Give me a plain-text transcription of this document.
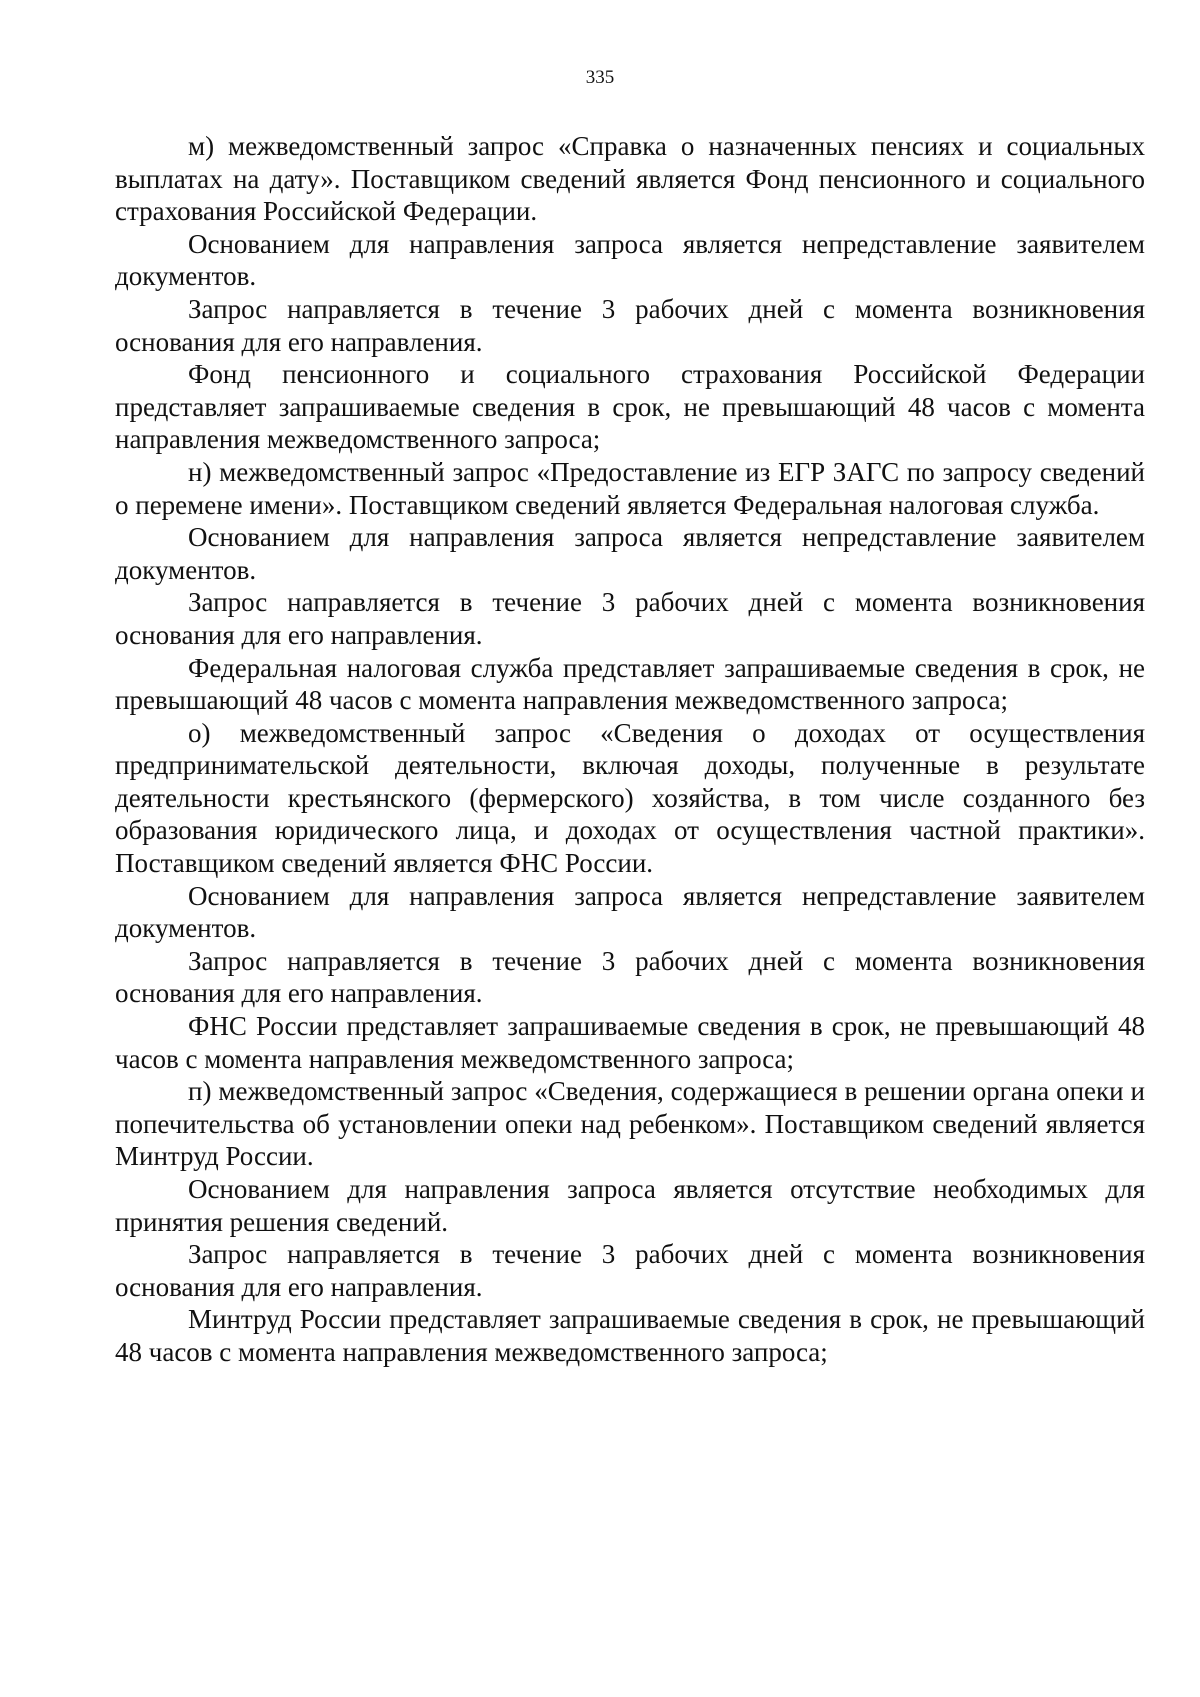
335

м) межведомственный запрос «Справка о назначенных пенсиях и социальных выплатах на дату». Поставщиком сведений является Фонд пенсионного и социального страхования Российской Федерации.

Основанием для направления запроса является непредставление заявителем документов.

Запрос направляется в течение 3 рабочих дней с момента возникновения основания для его направления.

Фонд пенсионного и социального страхования Российской Федерации представляет запрашиваемые сведения в срок, не превышающий 48 часов с момента направления межведомственного запроса;

н) межведомственный запрос «Предоставление из ЕГР ЗАГС по запросу сведений о перемене имени». Поставщиком сведений является Федеральная налоговая служба.

Основанием для направления запроса является непредставление заявителем документов.

Запрос направляется в течение 3 рабочих дней с момента возникновения основания для его направления.

Федеральная налоговая служба представляет запрашиваемые сведения в срок, не превышающий 48 часов с момента направления межведомственного запроса;

о) межведомственный запрос «Сведения о доходах от осуществления предпринимательской деятельности, включая доходы, полученные в результате деятельности крестьянского (фермерского) хозяйства, в том числе созданного без образования юридического лица, и доходах от осуществления частной практики». Поставщиком сведений является ФНС России.

Основанием для направления запроса является непредставление заявителем документов.

Запрос направляется в течение 3 рабочих дней с момента возникновения основания для его направления.

ФНС России представляет запрашиваемые сведения в срок, не превышающий 48 часов с момента направления межведомственного запроса;

п) межведомственный запрос «Сведения, содержащиеся в решении органа опеки и попечительства об установлении опеки над ребенком». Поставщиком сведений является Минтруд России.

Основанием для направления запроса является отсутствие необходимых для принятия решения сведений.

Запрос направляется в течение 3 рабочих дней с момента возникновения основания для его направления.

Минтруд России представляет запрашиваемые сведения в срок, не превышающий 48 часов с момента направления межведомственного запроса;
